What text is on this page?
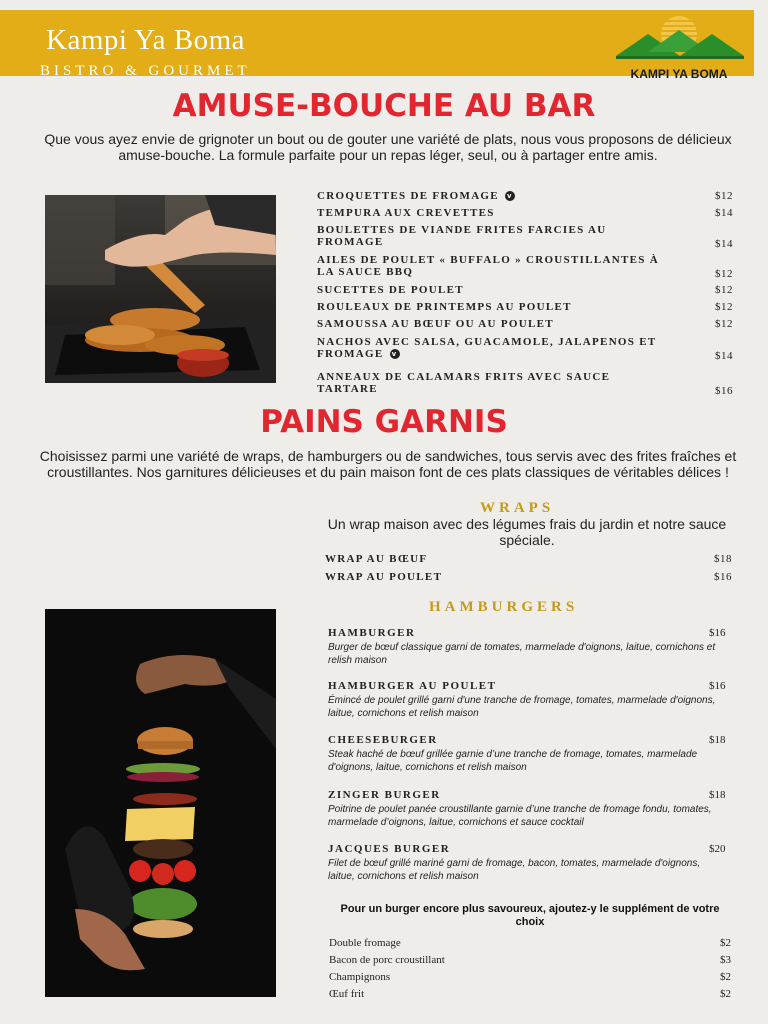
Kampi Ya Boma
BISTRO & GOURMET	KAMPI YA BOMA
AMUSE-BOUCHE AU BAR
Que vous ayez envie de grignoter un bout ou de gouter une variété de plats, nous vous proposons de délicieux amuse-bouche. La formule parfaite pour un repas léger, seul, ou à partager entre amis.
CROQUETTES DE FROMAGE v	$12
TEMPURA AUX CREVETTES	$14
BOULETTES DE VIANDE FRITES FARCIES AU FROMAGE	$14
AILES DE POULET « BUFFALO » CROUSTILLANTES À LA SAUCE BBQ	$12
SUCETTES DE POULET	$12
ROULEAUX DE PRINTEMPS AU POULET	$12
SAMOUSSA AU BŒUF OU AU POULET	$12
NACHOS AVEC SALSA, GUACAMOLE, JALAPENOS ET FROMAGE v	$14
ANNEAUX DE CALAMARS FRITS AVEC SAUCE TARTARE	$16
PAINS GARNIS
Choisissez parmi une variété de wraps, de hamburgers ou de sandwiches, tous servis avec des frites fraîches et croustillantes. Nos garnitures délicieuses et du pain maison font de ces plats classiques de véritables délices !
WRAPS
Un wrap maison avec des légumes frais du jardin et notre sauce spéciale.
WRAP AU BŒUF	$18
WRAP AU POULET	$16
HAMBURGERS
HAMBURGER	$16
Burger de bœuf classique garni de tomates, marmelade d'oignons, laitue, cornichons et relish maison
HAMBURGER AU POULET	$16
Émincé de poulet grillé garni d'une tranche de fromage, tomates, marmelade d'oignons, laitue, cornichons et relish maison
CHEESEBURGER	$18
Steak haché de bœuf grillée garnie d’une tranche de fromage, tomates, marmelade d'oignons, laitue, cornichons et relish maison
ZINGER BURGER	$18
Poitrine de poulet panée croustillante garnie d’une tranche de fromage fondu, tomates, marmelade d’oignons, laitue, cornichons et sauce cocktail
JACQUES BURGER	$20
Filet de bœuf grillé mariné garni de fromage, bacon, tomates, marmelade d'oignons, laitue, cornichons et relish maison
Pour un burger encore plus savoureux, ajoutez-y le supplément de votre choix
Double fromage	$2
Bacon de porc croustillant	$3
Champignons	$2
Œuf frit	$2
